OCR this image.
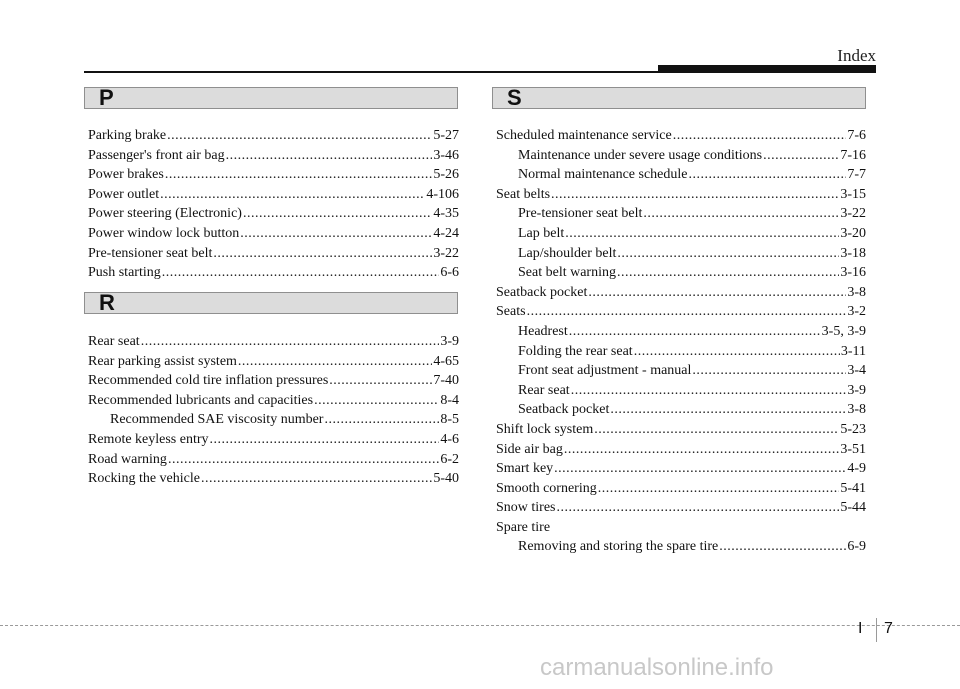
Index
P
Parking brake .....	5-27
Passenger's front air bag .....	3-46
Power brakes .....	5-26
Power outlet .....	4-106
Power steering (Electronic) .....	4-35
Power window lock button .....	4-24
Pre-tensioner seat belt .....	3-22
Push starting .....	6-6
R
Rear seat .....	3-9
Rear parking assist system .....	4-65
Recommended cold tire inflation pressures .....	7-40
Recommended lubricants and capacities .....	8-4
Recommended SAE viscosity number .....	8-5
Remote keyless entry .....	4-6
Road warning .....	6-2
Rocking the vehicle .....	5-40
S
Scheduled maintenance service .....	7-6
Maintenance under severe usage conditions .....	7-16
Normal maintenance schedule .....	7-7
Seat belts .....	3-15
Pre-tensioner seat belt .....	3-22
Lap belt .....	3-20
Lap/shoulder belt .....	3-18
Seat belt warning .....	3-16
Seatback pocket .....	3-8
Seats .....	3-2
Headrest .....	3-5, 3-9
Folding the rear seat .....	3-11
Front seat adjustment - manual .....	3-4
Rear seat .....	3-9
Seatback pocket .....	3-8
Shift lock system .....	5-23
Side air bag .....	3-51
Smart key .....	4-9
Smooth cornering .....	5-41
Snow tires .....	5-44
Spare tire
Removing and storing the spare tire .....	6-9
I 7
carmanualsonline.info
